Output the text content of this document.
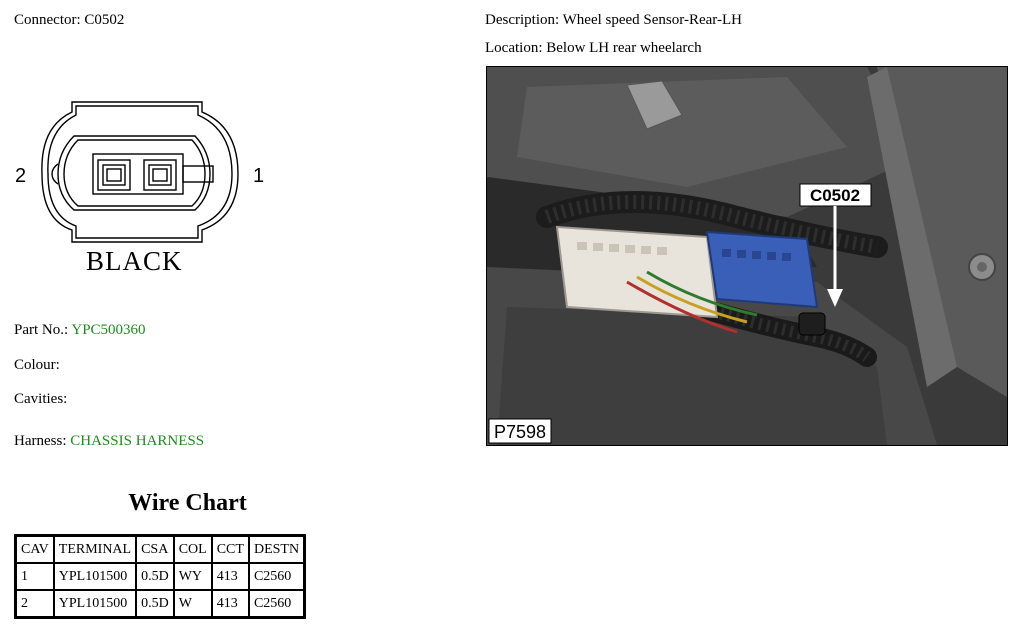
Connector: C0502	Description: Wheel speed Sensor-Rear-LH
Location: Below LH rear wheelarch
2	1
BLACK
Part No.: YPC500360
Colour:
Cavities:
Harness: CHASSIS HARNESS
Wire Chart
CAV	TERMINAL	CSA	COL	CCT	DESTN
1	YPL101500	0.5D	WY	413	C2560
2	YPL101500	0.5D	W	413	C2560
C0502
P7598
